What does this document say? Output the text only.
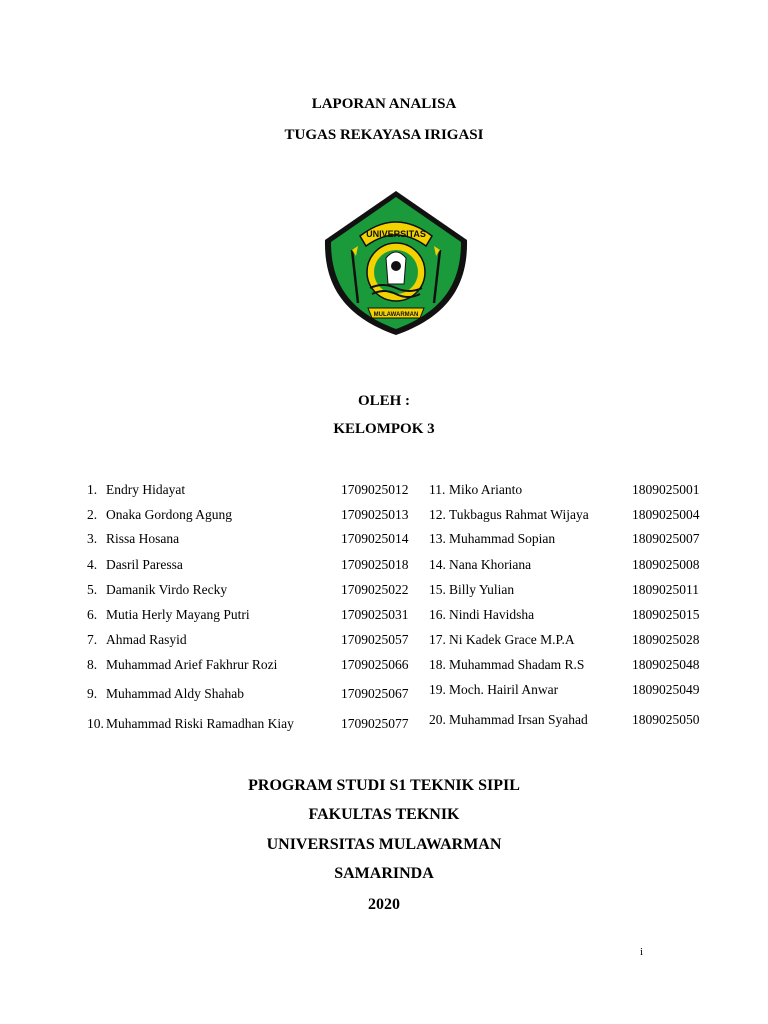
LAPORAN ANALISA
TUGAS REKAYASA IRIGASI
UNIVERSITAS
MULAWARMAN
OLEH :
KELOMPOK 3
1. Endry Hidayat	1709025012
2. Onaka Gordong Agung	1709025013
3. Rissa Hosana	1709025014
4. Dasril Paressa	1709025018
5. Damanik Virdo Recky	1709025022
6. Mutia Herly Mayang Putri	1709025031
7. Ahmad Rasyid	1709025057
8. Muhammad Arief Fakhrur Rozi	1709025066
9. Muhammad Aldy Shahab	1709025067
10. Muhammad Riski Ramadhan Kiay	1709025077
11. Miko Arianto	1809025001
12. Tukbagus Rahmat Wijaya	1809025004
13. Muhammad Sopian	1809025007
14. Nana Khoriana	1809025008
15. Billy Yulian	1809025011
16. Nindi Havidsha	1809025015
17. Ni Kadek Grace M.P.A	1809025028
18. Muhammad Shadam R.S	1809025048
19. Moch. Hairil Anwar	1809025049
20. Muhammad Irsan Syahad	1809025050
PROGRAM STUDI S1 TEKNIK SIPIL
FAKULTAS TEKNIK
UNIVERSITAS MULAWARMAN
SAMARINDA
2020
i
